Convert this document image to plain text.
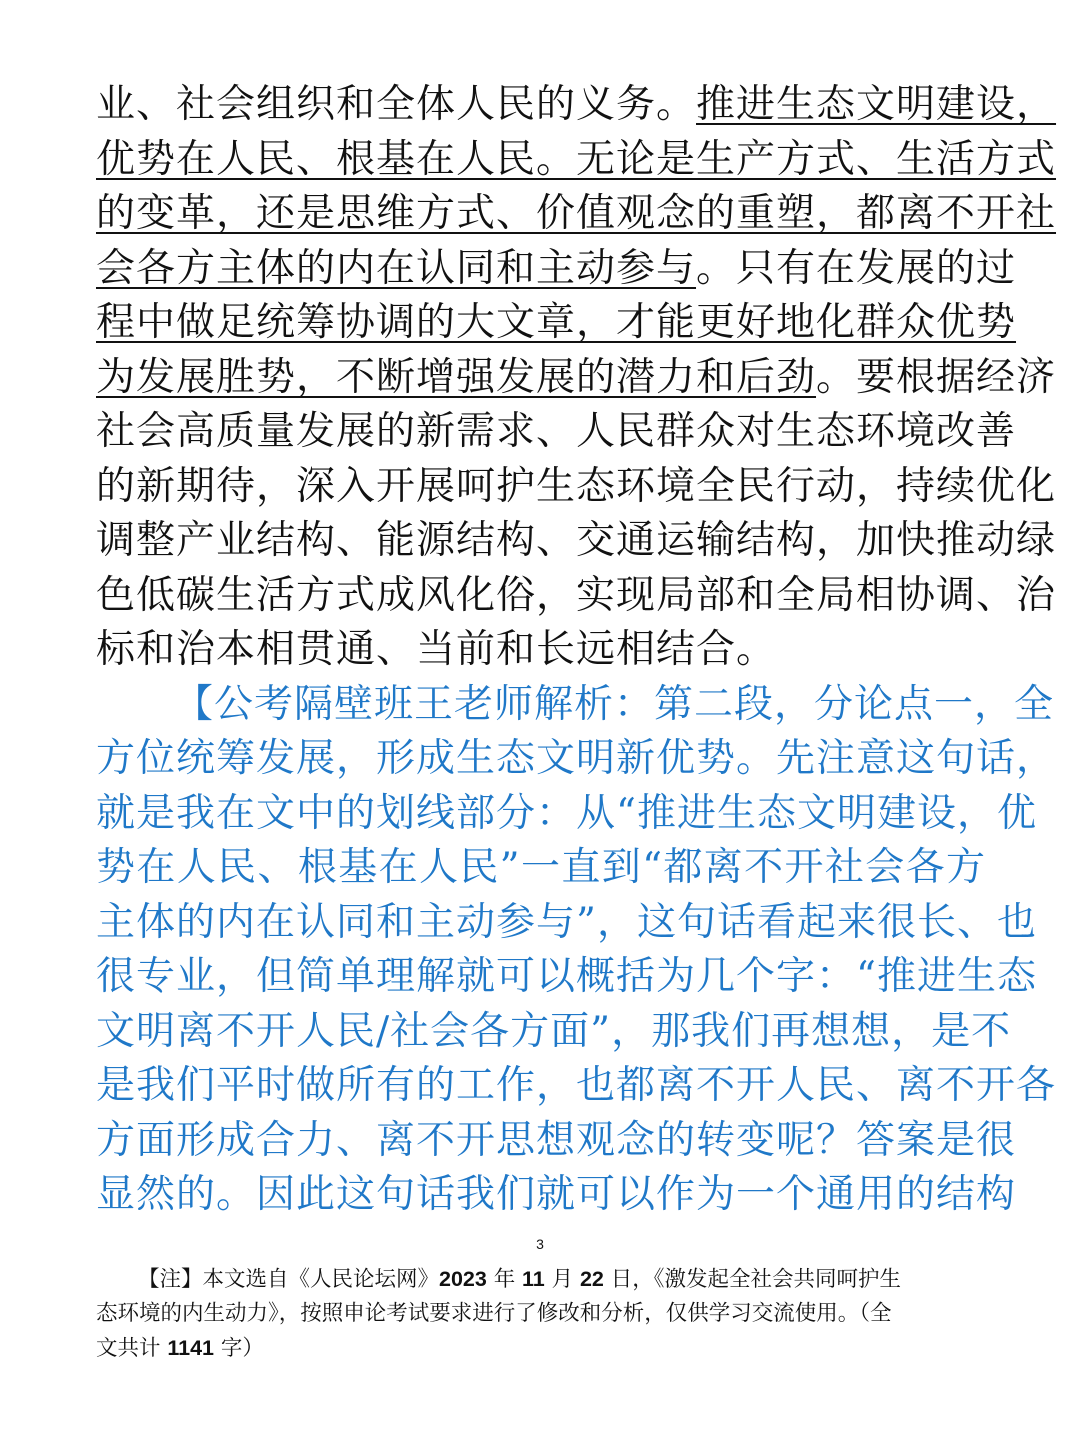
业、社会组织和全体人民的义务。推进生态文明建设，
优势在人民、根基在人民。无论是生产方式、生活方式
的变革，还是思维方式、价值观念的重塑，都离不开社
会各方主体的内在认同和主动参与。只有在发展的过
程中做足统筹协调的大文章，才能更好地化群众优势
为发展胜势，不断增强发展的潜力和后劲。要根据经济
社会高质量发展的新需求、人民群众对生态环境改善
的新期待，深入开展呵护生态环境全民行动，持续优化
调整产业结构、能源结构、交通运输结构，加快推动绿
色低碳生活方式成风化俗，实现局部和全局相协调、治
标和治本相贯通、当前和长远相结合。
【公考隔壁班王老师解析：第二段，分论点一，全
方位统筹发展，形成生态文明新优势。先注意这句话，
就是我在文中的划线部分：从“推进生态文明建设，优
势在人民、根基在人民”一直到“都离不开社会各方
主体的内在认同和主动参与”，这句话看起来很长、也
很专业，但简单理解就可以概括为几个字：“推进生态
文明离不开人民/社会各方面”，那我们再想想，是不
是我们平时做所有的工作，也都离不开人民、离不开各
方面形成合力、离不开思想观念的转变呢？答案是很
显然的。因此这句话我们就可以作为一个通用的结构
3
【注】本文选自《人民论坛网》2023 年 11 月 22 日，《激发起全社会共同呵护生
态环境的内生动力》，按照申论考试要求进行了修改和分析，仅供学习交流使用。（全
文共计 1141 字）
